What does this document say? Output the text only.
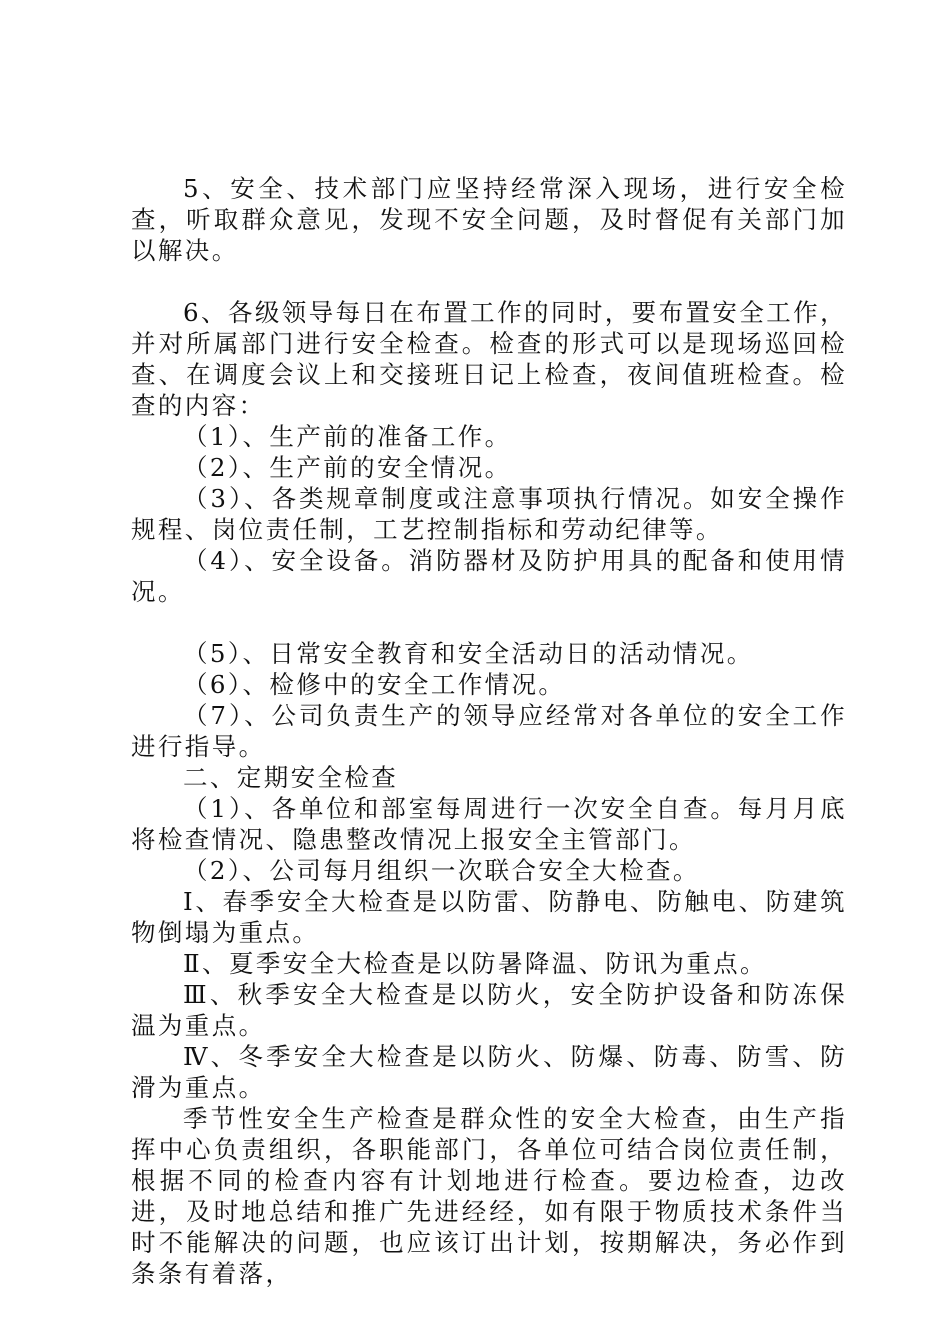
5、安全、技术部门应坚持经常深入现场，进行安全检查，听取群众意见，发现不安全问题，及时督促有关部门加以解决。

6、各级领导每日在布置工作的同时，要布置安全工作，并对所属部门进行安全检查。检查的形式可以是现场巡回检查、在调度会议上和交接班日记上检查，夜间值班检查。检查的内容：

（1）、生产前的准备工作。

（2）、生产前的安全情况。

（3）、各类规章制度或注意事项执行情况。如安全操作规程、岗位责任制，工艺控制指标和劳动纪律等。

（4）、安全设备。消防器材及防护用具的配备和使用情况。

（5）、日常安全教育和安全活动日的活动情况。

（6）、检修中的安全工作情况。

（7）、公司负责生产的领导应经常对各单位的安全工作进行指导。

二、定期安全检查

（1）、各单位和部室每周进行一次安全自查。每月月底将检查情况、隐患整改情况上报安全主管部门。

（2）、公司每月组织一次联合安全大检查。

Ⅰ、春季安全大检查是以防雷、防静电、防触电、防建筑物倒塌为重点。

Ⅱ、夏季安全大检查是以防暑降温、防讯为重点。

Ⅲ、秋季安全大检查是以防火，安全防护设备和防冻保温为重点。

Ⅳ、冬季安全大检查是以防火、防爆、防毒、防雪、防滑为重点。

季节性安全生产检查是群众性的安全大检查，由生产指挥中心负责组织，各职能部门，各单位可结合岗位责任制，根据不同的检查内容有计划地进行检查。要边检查，边改进，及时地总结和推广先进经经，如有限于物质技术条件当时不能解决的问题，也应该订出计划，按期解决，务必作到条条有着落，
